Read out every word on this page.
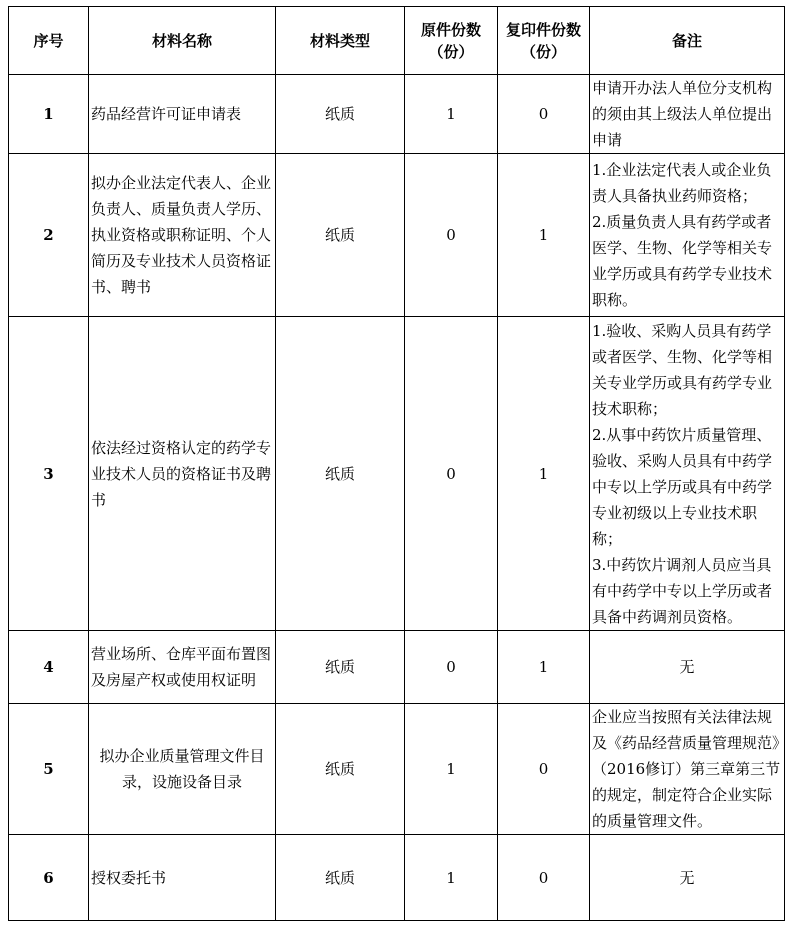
序号	材料名称	材料类型	原件份数（份）	复印件份数（份）	备注
1	药品经营许可证申请表	纸质	1	0	申请开办法人单位分支机构的须由其上级法人单位提出申请
2	拟办企业法定代表人、企业负责人、质量负责人学历、执业资格或职称证明、个人简历及专业技术人员资格证书、聘书	纸质	0	1	1.企业法定代表人或企业负责人具备执业药师资格；
2.质量负责人具有药学或者医学、生物、化学等相关专业学历或具有药学专业技术职称。

3	依法经过资格认定的药学专业技术人员的资格证书及聘书	纸质	0	1	1.验收、采购人员具有药学或者医学、生物、化学等相关专业学历或具有药学专业技术职称；
2.从事中药饮片质量管理、验收、采购人员具有中药学中专以上学历或具有中药学专业初级以上专业技术职称；
3.中药饮片调剂人员应当具有中药学中专以上学历或者具备中药调剂员资格。

4	营业场所、仓库平面布置图及房屋产权或使用权证明	纸质	0	1	无
5	拟办企业质量管理文件目录，设施设备目录	纸质	1	0	企业应当按照有关法律法规及《药品经营质量管理规范》（2016修订）第三章第三节的规定，制定符合企业实际的质量管理文件。
6	授权委托书	纸质	1	0	无
